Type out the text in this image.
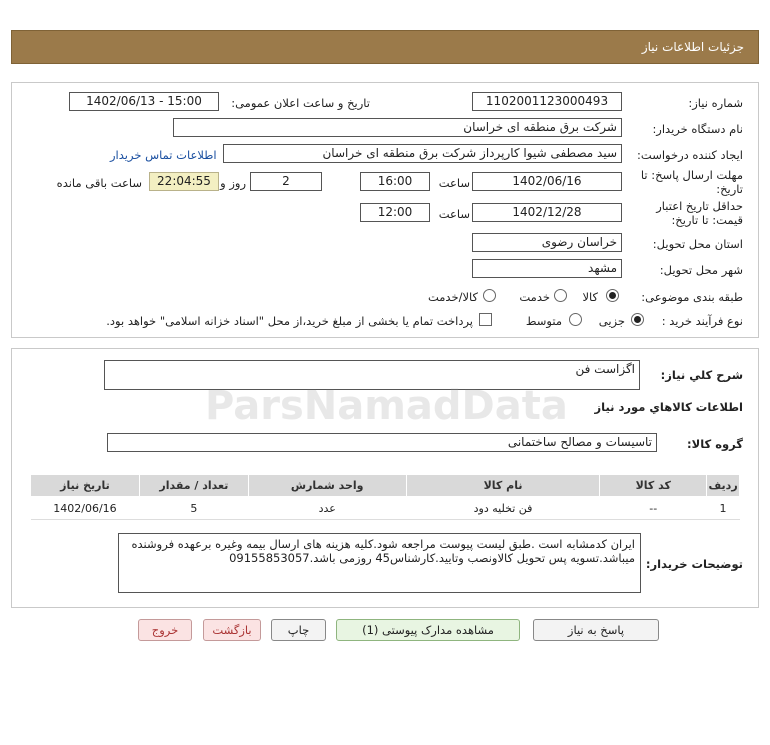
جزئیات اطلاعات نیاز
شماره نیاز:
1102001123000493
تاریخ و ساعت اعلان عمومی:
1402/06/13 - 15:00
نام دستگاه خریدار:
شرکت برق منطقه ای خراسان
ایجاد کننده درخواست:
سید مصطفی شیوا کارپرداز شرکت برق منطقه ای خراسان
اطلاعات تماس خریدار
مهلت ارسال پاسخ: تا تاریخ:
1402/06/16
ساعت
16:00
2
روز و
22:04:55
ساعت باقی مانده
حداقل تاریخ اعتبار قیمت: تا تاریخ:
1402/12/28
ساعت
12:00
استان محل تحویل:
خراسان رضوی
شهر محل تحویل:
مشهد
طبقه بندی موضوعی:
کالا
خدمت
کالا/خدمت
نوع فرآیند خرید :
جزیی
متوسط
پرداخت تمام یا بخشی از مبلغ خرید،از محل "اسناد خزانه اسلامی" خواهد بود.
شرح کلي نياز:
اگزاست فن
اطلاعات كالاهاي مورد نياز
گروه کالا:
تاسیسات و مصالح ساختمانی
ردیف	کد کالا	نام کالا	واحد شمارش	تعداد / مقدار	تاریخ نیاز
1	--	فن تخلیه دود	عدد	5	1402/06/16
توضیحات خریدار:
ایران کدمشابه است .طبق لیست پیوست مراجعه شود.کلیه هزینه های ارسال بیمه وغیره برعهده فروشنده میباشد.تسویه پس تحویل کالاونصب وتایید.کارشناس45 روزمی باشد.09155853057
ParsNamadData
پاسخ به نیاز
مشاهده مدارک پیوستی (1)
چاپ
بازگشت
خروج
